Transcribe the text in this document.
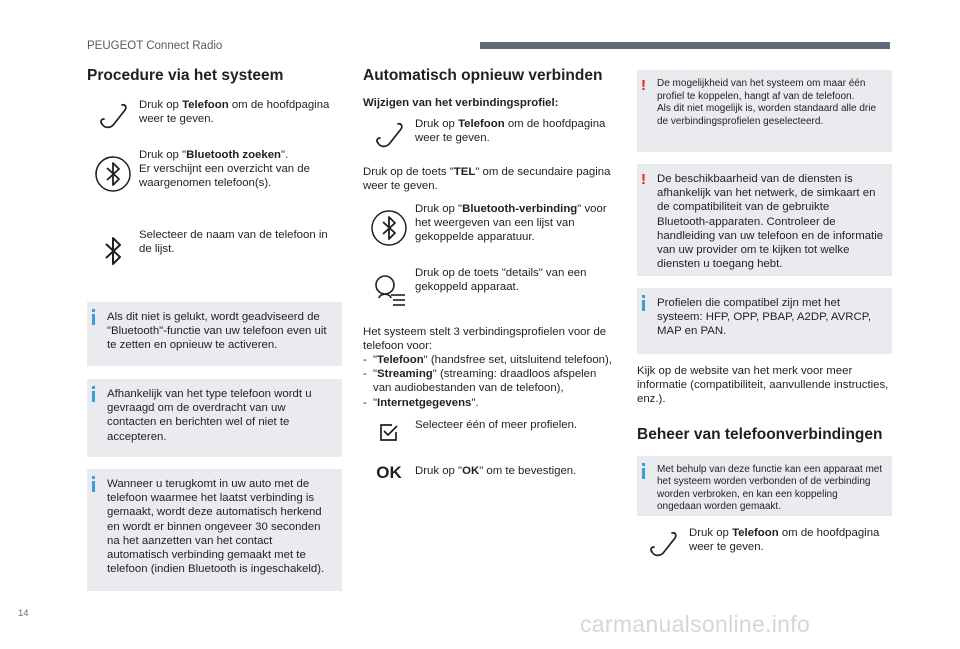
PEUGEOT Connect Radio
Procedure via het systeem
Druk op Telefoon om de hoofdpagina weer te geven.
Druk op "Bluetooth zoeken".
Er verschijnt een overzicht van de waargenomen telefoon(s).
Selecteer de naam van de telefoon in de lijst.
Als dit niet is gelukt, wordt geadviseerd de "Bluetooth"-functie van uw telefoon even uit te zetten en opnieuw te activeren.
Afhankelijk van het type telefoon wordt u gevraagd om de overdracht van uw contacten en berichten wel of niet te accepteren.
Wanneer u terugkomt in uw auto met de telefoon waarmee het laatst verbinding is gemaakt, wordt deze automatisch herkend en wordt er binnen ongeveer 30 seconden na het aanzetten van het contact automatisch verbinding gemaakt met te telefoon (indien Bluetooth is ingeschakeld).
Automatisch opnieuw verbinden
Wijzigen van het verbindingsprofiel:
Druk op Telefoon om de hoofdpagina weer te geven.
Druk op de toets "TEL" om de secundaire pagina weer te geven.
Druk op "Bluetooth-verbinding" voor het weergeven van een lijst van gekoppelde apparatuur.
Druk op de toets "details" van een gekoppeld apparaat.
Het systeem stelt 3 verbindingsprofielen voor de telefoon voor:
- "Telefoon" (handsfree set, uitsluitend telefoon),
- "Streaming" (streaming: draadloos afspelen van audiobestanden van de telefoon),
- "Internetgegevens".
Selecteer één of meer profielen.
OK Druk op "OK" om te bevestigen.
!	De mogelijkheid van het systeem om maar één profiel te koppelen, hangt af van de telefoon.
Als dit niet mogelijk is, worden standaard alle drie de verbindingsprofielen geselecteerd.
! De beschikbaarheid van de diensten is afhankelijk van het netwerk, de simkaart en de compatibiliteit van de gebruikte Bluetooth-apparaten. Controleer de handleiding van uw telefoon en de informatie van uw provider om te kijken tot welke diensten u toegang hebt.
Profielen die compatibel zijn met het systeem: HFP, OPP, PBAP, A2DP, AVRCP, MAP en PAN.
Kijk op de website van het merk voor meer informatie (compatibiliteit, aanvullende instructies, enz.).
Beheer van telefoonverbindingen
Met behulp van deze functie kan een apparaat met het systeem worden verbonden of de verbinding worden verbroken, en kan een koppeling ongedaan worden gemaakt.
Druk op Telefoon om de hoofdpagina weer te geven.
14	carmanualsonline.info
